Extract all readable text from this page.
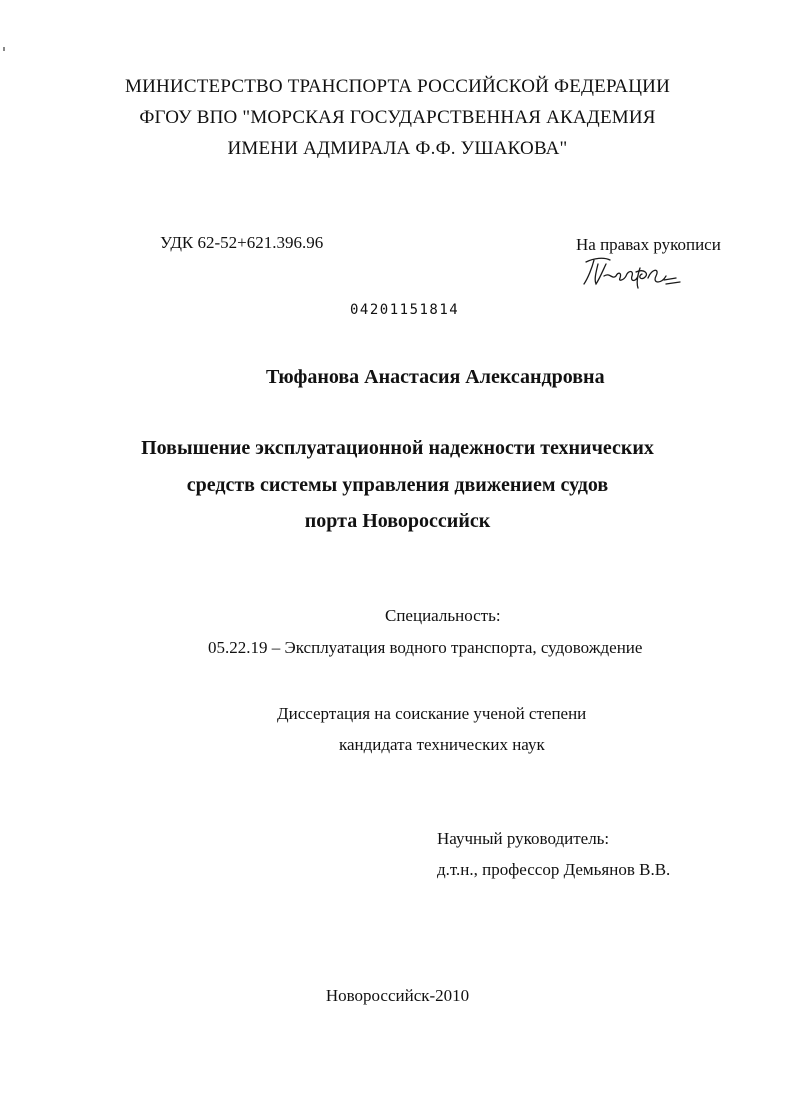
МИНИСТЕРСТВО ТРАНСПОРТА РОССИЙСКОЙ ФЕДЕРАЦИИ
ФГОУ ВПО "МОРСКАЯ ГОСУДАРСТВЕННАЯ АКАДЕМИЯ
ИМЕНИ АДМИРАЛА Ф.Ф. УШАКОВА"
УДК 62-52+621.396.96	На правах рукописи
04201151814
Тюфанова Анастасия Александровна
Повышение эксплуатационной надежности технических
средств системы управления движением судов
порта Новороссийск
Специальность:
05.22.19 – Эксплуатация водного транспорта, судовождение
Диссертация на соискание ученой степени
кандидата технических наук
Научный руководитель:
д.т.н., профессор Демьянов В.В.
Новороссийск-2010
